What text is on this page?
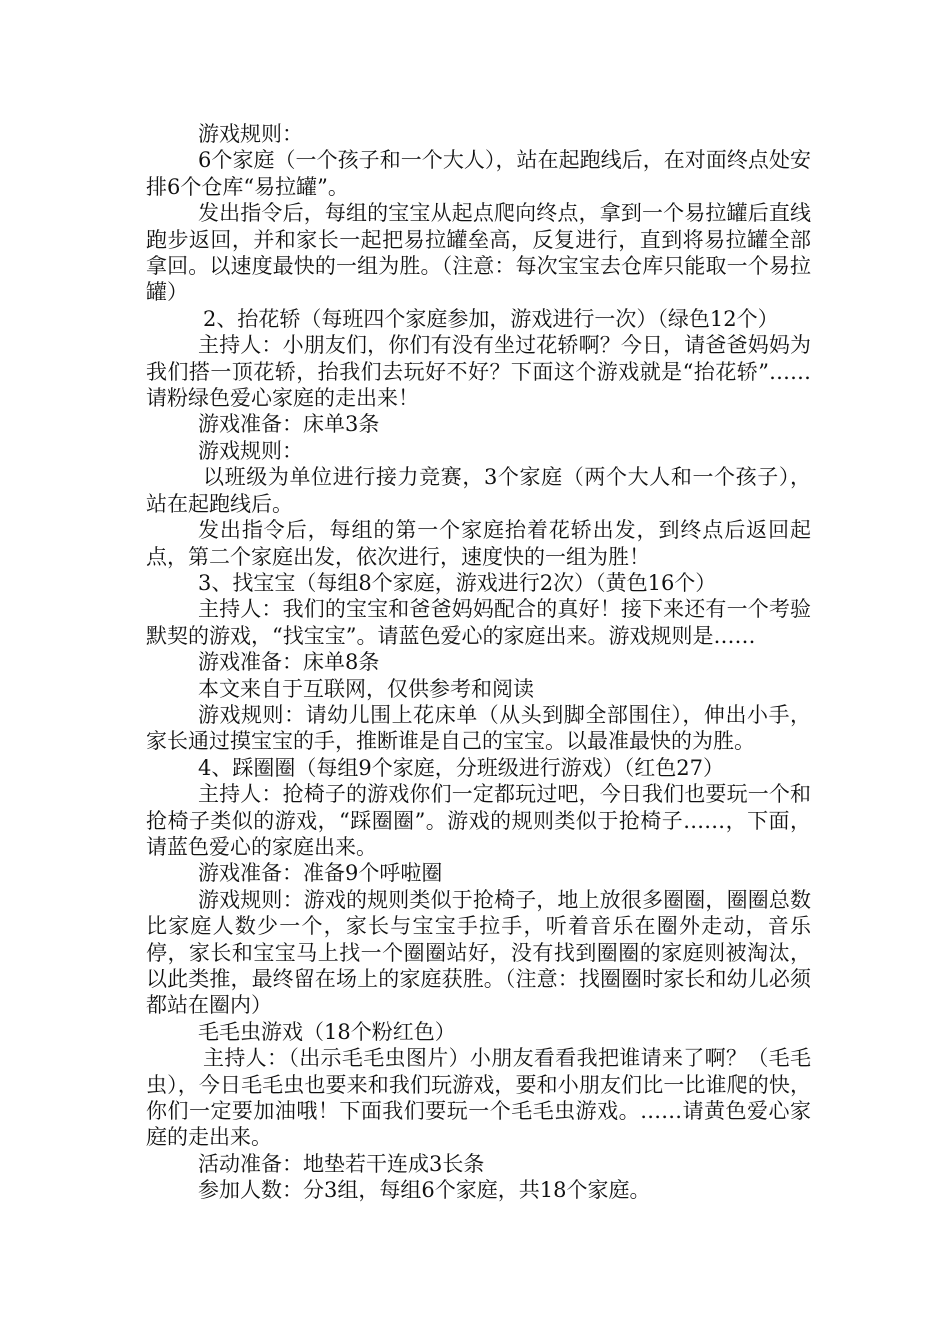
游戏规则：

6个家庭（一个孩子和一个大人），站在起跑线后，在对面终点处安排6个仓库“易拉罐”。

发出指令后，每组的宝宝从起点爬向终点，拿到一个易拉罐后直线跑步返回，并和家长一起把易拉罐垒高，反复进行，直到将易拉罐全部拿回。以速度最快的一组为胜。（注意：每次宝宝去仓库只能取一个易拉罐）

2、抬花轿（每班四个家庭参加，游戏进行一次）（绿色12个）

主持人：小朋友们，你们有没有坐过花轿啊？今日，请爸爸妈妈为我们搭一顶花轿，抬我们去玩好不好？下面这个游戏就是“抬花轿”……请粉绿色爱心家庭的走出来！

游戏准备：床单3条

游戏规则：

以班级为单位进行接力竞赛，3个家庭（两个大人和一个孩子），站在起跑线后。

发出指令后，每组的第一个家庭抬着花轿出发，到终点后返回起点，第二个家庭出发，依次进行，速度快的一组为胜！

3、找宝宝（每组8个家庭，游戏进行2次）（黄色16个）

主持人：我们的宝宝和爸爸妈妈配合的真好！接下来还有一个考验默契的游戏，“找宝宝”。请蓝色爱心的家庭出来。游戏规则是……

游戏准备：床单8条

本文来自于互联网，仅供参考和阅读

游戏规则：请幼儿围上花床单（从头到脚全部围住），伸出小手，家长通过摸宝宝的手，推断谁是自己的宝宝。以最准最快的为胜。

4、踩圈圈（每组9个家庭，分班级进行游戏）（红色27）

主持人：抢椅子的游戏你们一定都玩过吧，今日我们也要玩一个和抢椅子类似的游戏，“踩圈圈”。游戏的规则类似于抢椅子……，下面，请蓝色爱心的家庭出来。

游戏准备：准备9个呼啦圈

游戏规则：游戏的规则类似于抢椅子，地上放很多圈圈，圈圈总数比家庭人数少一个，家长与宝宝手拉手，听着音乐在圈外走动，音乐停，家长和宝宝马上找一个圈圈站好，没有找到圈圈的家庭则被淘汰，以此类推，最终留在场上的家庭获胜。（注意：找圈圈时家长和幼儿必须都站在圈内）

毛毛虫游戏（18个粉红色）

主持人：（出示毛毛虫图片）小朋友看看我把谁请来了啊？（毛毛虫），今日毛毛虫也要来和我们玩游戏，要和小朋友们比一比谁爬的快，你们一定要加油哦！下面我们要玩一个毛毛虫游戏。……请黄色爱心家庭的走出来。

活动准备：地垫若干连成3长条

参加人数：分3组，每组6个家庭，共18个家庭。
